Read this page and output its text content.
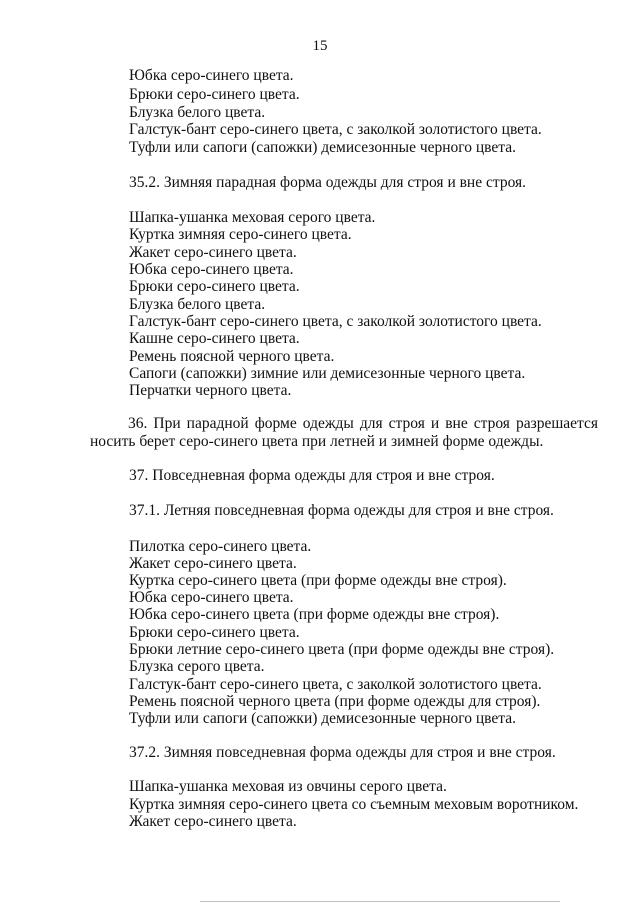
15
Юбка серо-синего цвета.
Брюки серо-синего цвета.
Блузка белого цвета.
Галстук-бант серо-синего цвета, с заколкой золотистого цвета.
Туфли или сапоги (сапожки) демисезонные черного цвета.
35.2. Зимняя парадная форма одежды для строя и вне строя.
Шапка-ушанка меховая серого цвета.
Куртка зимняя серо-синего цвета.
Жакет серо-синего цвета.
Юбка серо-синего цвета.
Брюки серо-синего цвета.
Блузка белого цвета.
Галстук-бант серо-синего цвета, с заколкой золотистого цвета.
Кашне серо-синего цвета.
Ремень поясной черного цвета.
Сапоги (сапожки) зимние или демисезонные черного цвета.
Перчатки черного цвета.
36. При парадной форме одежды для строя и вне строя разрешается
носить берет серо-синего цвета при летней и зимней форме одежды.
37. Повседневная форма одежды для строя и вне строя.
37.1. Летняя повседневная форма одежды для строя и вне строя.
Пилотка серо-синего цвета.
Жакет серо-синего цвета.
Куртка серо-синего цвета (при форме одежды вне строя).
Юбка серо-синего цвета.
Юбка серо-синего цвета (при форме одежды вне строя).
Брюки серо-синего цвета.
Брюки летние серо-синего цвета (при форме одежды вне строя).
Блузка серого цвета.
Галстук-бант серо-синего цвета, с заколкой золотистого цвета.
Ремень поясной черного цвета (при форме одежды для строя).
Туфли или сапоги (сапожки) демисезонные черного цвета.
37.2. Зимняя повседневная форма одежды для строя и вне строя.
Шапка-ушанка меховая из овчины серого цвета.
Куртка зимняя серо-синего цвета со съемным меховым воротником.
Жакет серо-синего цвета.
